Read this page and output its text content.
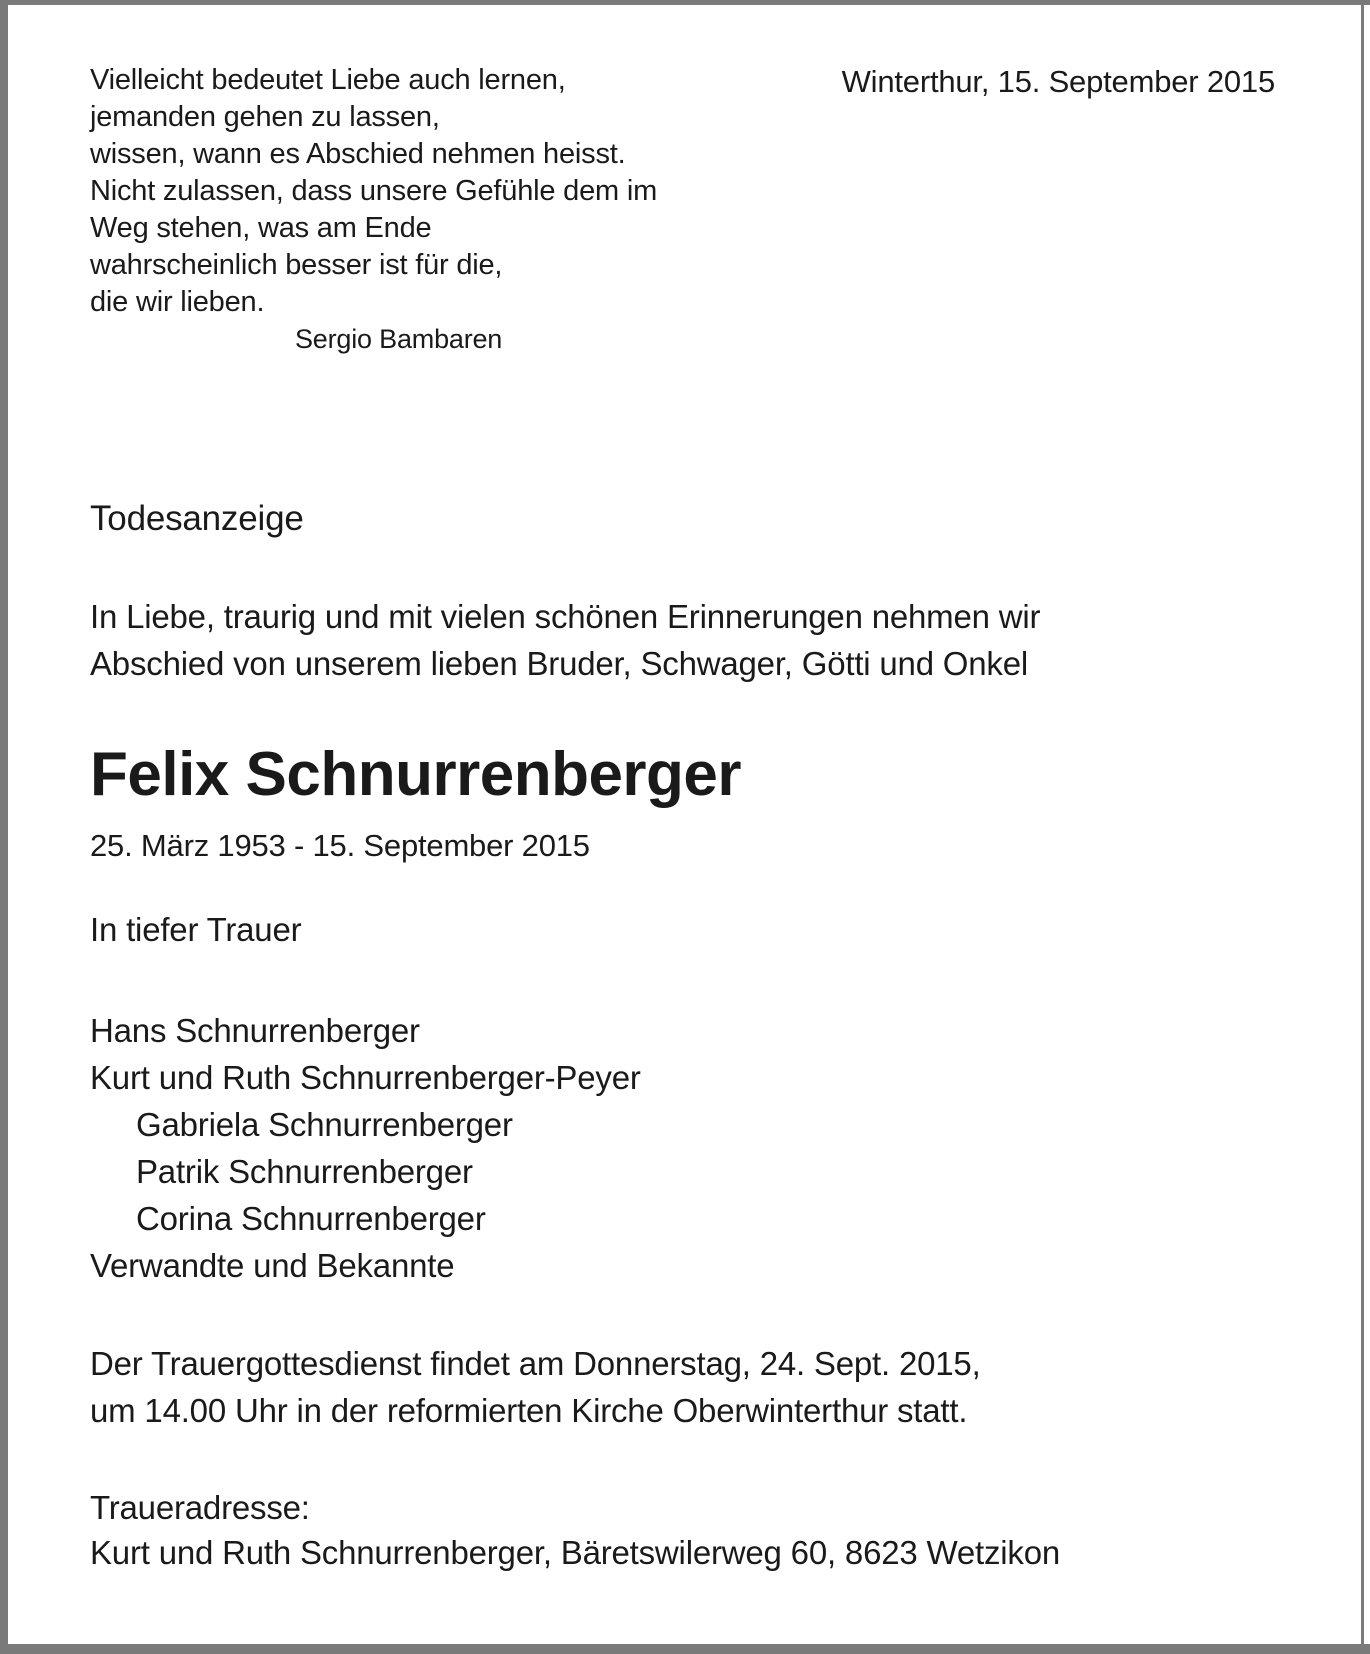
Vielleicht bedeutet Liebe auch lernen,
jemanden gehen zu lassen,
wissen, wann es Abschied nehmen heisst.
Nicht zulassen, dass unsere Gefühle dem im
Weg stehen, was am Ende
wahrscheinlich besser ist für die,
die wir lieben.
Sergio Bambaren
Winterthur, 15. September 2015
Todesanzeige
In Liebe, traurig und mit vielen schönen Erinnerungen nehmen wir
Abschied von unserem lieben Bruder, Schwager, Götti und Onkel
Felix Schnurrenberger
25. März 1953 - 15. September 2015
In tiefer Trauer
Hans Schnurrenberger
Kurt und Ruth Schnurrenberger-Peyer
Gabriela Schnurrenberger
Patrik Schnurrenberger
Corina Schnurrenberger
Verwandte und Bekannte
Der Trauergottesdienst findet am Donnerstag, 24. Sept. 2015,
um 14.00 Uhr in der reformierten Kirche Oberwinterthur statt.
Traueradresse:
Kurt und Ruth Schnurrenberger, Bäretswilerweg 60, 8623 Wetzikon
